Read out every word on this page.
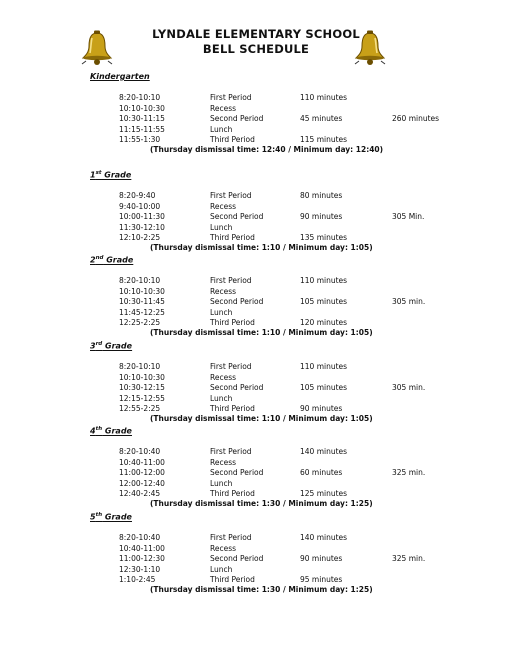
LYNDALE ELEMENTARY SCHOOL
BELL SCHEDULE
Kindergarten
8:20-10:10	First Period	110 minutes
10:10-10:30	Recess
10:30-11:15	Second Period	45 minutes	260 minutes
11:15-11:55	Lunch
11:55-1:30	Third Period	115 minutes
(Thursday dismissal time: 12:40 / Minimum day: 12:40)
1st Grade
8:20-9:40	First Period	80 minutes
9:40-10:00	Recess
10:00-11:30	Second Period	90 minutes	305 Min.
11:30-12:10	Lunch
12:10-2:25	Third Period	135 minutes
(Thursday dismissal time: 1:10 / Minimum day: 1:05)
2nd Grade
8:20-10:10	First Period	110 minutes
10:10-10:30	Recess
10:30-11:45	Second Period	105 minutes	305 min.
11:45-12:25	Lunch
12:25-2:25	Third Period	120 minutes
(Thursday dismissal time: 1:10 / Minimum day: 1:05)
3rd Grade
8:20-10:10	First Period	110 minutes
10:10-10:30	Recess
10:30-12:15	Second Period	105 minutes	305 min.
12:15-12:55	Lunch
12:55-2:25	Third Period	90 minutes
(Thursday dismissal time: 1:10 / Minimum day: 1:05)
4th Grade
8:20-10:40	First Period	140 minutes
10:40-11:00	Recess
11:00-12:00	Second Period	60 minutes	325 min.
12:00-12:40	Lunch
12:40-2:45	Third Period	125 minutes
(Thursday dismissal time: 1:30 / Minimum day: 1:25)
5th Grade
8:20-10:40	First Period	140 minutes
10:40-11:00	Recess
11:00-12:30	Second Period	90 minutes	325 min.
12:30-1:10	Lunch
1:10-2:45	Third Period	95 minutes
(Thursday dismissal time: 1:30 / Minimum day: 1:25)
